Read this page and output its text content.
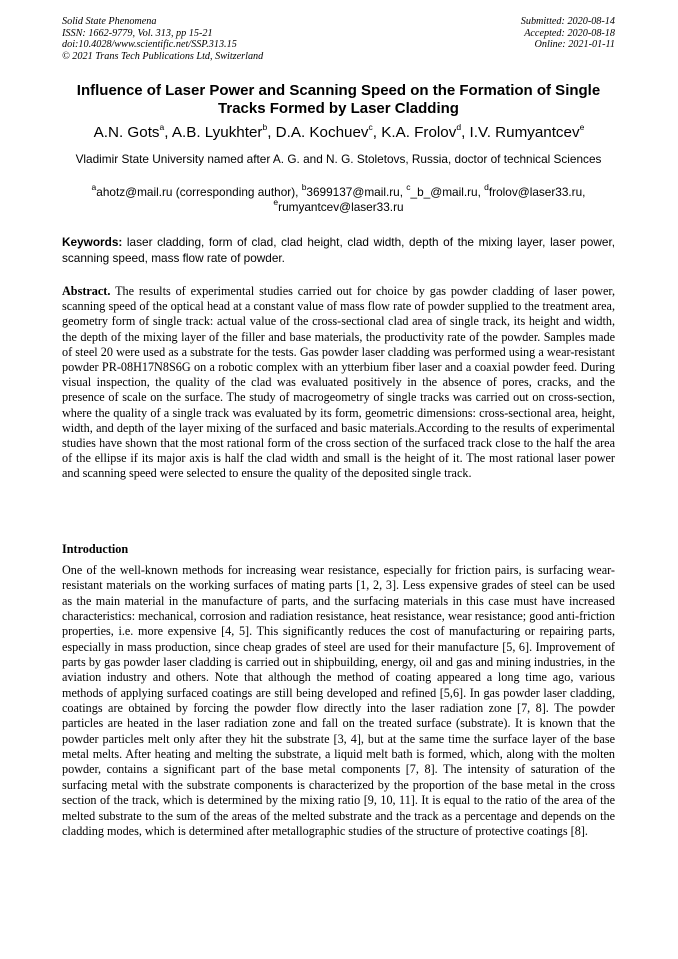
Solid State Phenomena
ISSN: 1662-9779, Vol. 313, pp 15-21
doi:10.4028/www.scientific.net/SSP.313.15
© 2021 Trans Tech Publications Ltd, Switzerland
Submitted: 2020-08-14
Accepted: 2020-08-18
Online: 2021-01-11
Influence of Laser Power and Scanning Speed on the Formation of Single Tracks Formed by Laser Cladding
A.N. Gots$^a$, A.B. Lyukhter$^b$, D.A. Kochuev$^c$, K.A. Frolov$^d$, I.V. Rumyantcev$^e$
Vladimir State University named after A. G. and N. G. Stoletovs, Russia, doctor of technical Sciences
$^a$ahotz@mail.ru (corresponding author), $^b$3699137@mail.ru, $^c$_b_@mail.ru, $^d$frolov@laser33.ru, $^e$rumyantcev@laser33.ru
Keywords: laser cladding, form of clad, clad height, clad width, depth of the mixing layer, laser power, scanning speed, mass flow rate of powder.
Abstract. The results of experimental studies carried out for choice by gas powder cladding of laser power, scanning speed of the optical head at a constant value of mass flow rate of powder supplied to the treatment area, geometry form of single track: actual value of the cross-sectional clad area of single track, its height and width, the depth of the mixing layer of the filler and base materials, the productivity rate of the powder. Samples made of steel 20 were used as a substrate for the tests. Gas powder laser cladding was performed using a wear-resistant powder PR-08H17N8S6G on a robotic complex with an ytterbium fiber laser and a coaxial powder feed. During visual inspection, the quality of the clad was evaluated positively in the absence of pores, cracks, and the presence of scale on the surface. The study of macrogeometry of single tracks was carried out on cross-section, where the quality of a single track was evaluated by its form, geometric dimensions: cross-sectional area, height, width, and depth of the layer mixing of the surfaced and basic materials.According to the results of experimental studies have shown that the most rational form of the cross section of the surfaced track close to the half the area of the ellipse if its major axis is half the clad width and small is the height of it. The most rational laser power and scanning speed were selected to ensure the quality of the deposited single track.
Introduction
One of the well-known methods for increasing wear resistance, especially for friction pairs, is surfacing wear-resistant materials on the working surfaces of mating parts [1, 2, 3]. Less expensive grades of steel can be used as the main material in the manufacture of parts, and the surfacing materials in this case must have increased characteristics: mechanical, corrosion and radiation resistance, heat resistance, wear resistance; good anti-friction properties, i.e. more expensive [4, 5]. This significantly reduces the cost of manufacturing or repairing parts, especially in mass production, since cheap grades of steel are used for their manufacture [5, 6]. Improvement of parts by gas powder laser cladding is carried out in shipbuilding, energy, oil and gas and mining industries, in the aviation industry and others. Note that although the method of coating appeared a long time ago, various methods of applying surfaced coatings are still being developed and refined [5,6]. In gas powder laser cladding, coatings are obtained by forcing the powder flow directly into the laser radiation zone [7, 8]. The powder particles are heated in the laser radiation zone and fall on the treated surface (substrate). It is known that the powder particles melt only after they hit the substrate [3, 4], but at the same time the surface layer of the base metal melts. After heating and melting the substrate, a liquid melt bath is formed, which, along with the molten powder, contains a significant part of the base metal components [7, 8]. The intensity of saturation of the surfacing metal with the substrate components is characterized by the proportion of the base metal in the cross section of the track, which is determined by the mixing ratio [9, 10, 11]. It is equal to the ratio of the area of the melted substrate to the sum of the areas of the melted substrate and the track as a percentage and depends on the cladding modes, which is determined after metallographic studies of the structure of protective coatings [8].
